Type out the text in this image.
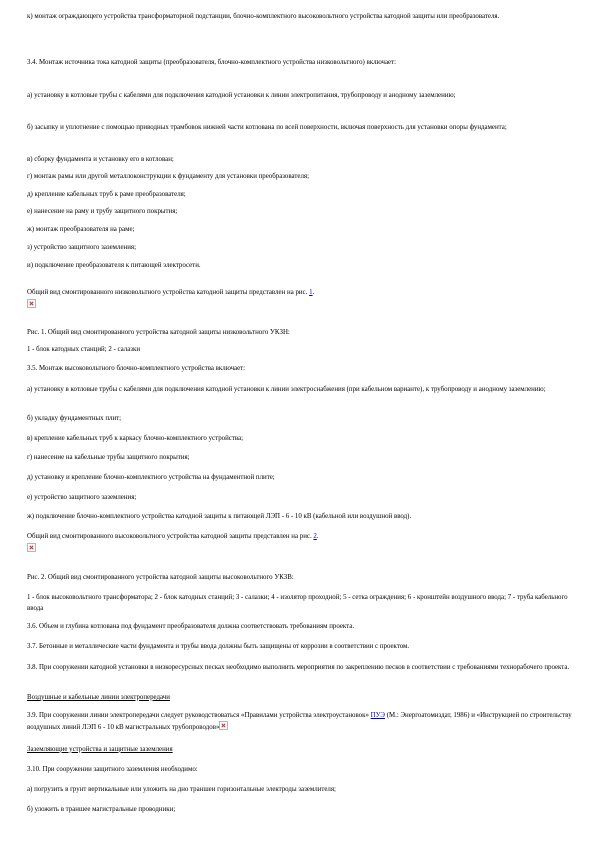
к) монтаж ограждающего устройства трансформаторной подстанции, блочно-комплектного высоковольтного устройства катодной защиты или преобразователя.

3.4. Монтаж источника тока катодной защиты (преобразователя, блочно-комплектного устройства низковольтного) включает:

а) установку в котловые трубы с кабелями для подключения катодной установки к линии электропитания, трубопроводу и анодному заземлению;

б) засыпку и уплотнение с помощью приводных трамбовок нижней части котлована по всей поверхности, включая поверхность для установки опоры фундамента;

в) сборку фундамента и установку его в котлован;

г) монтаж рамы или другой металлоконструкции к фундаменту для установки преобразователя;

д) крепление кабельных труб к раме преобразователя;

е) нанесение на раму и трубу защитного покрытия;

ж) монтаж преобразователя на раме;

з) устройство защитного заземления;

и) подключение преобразователя к питающей электросети.

Общий вид смонтированного низковольтного устройства катодной защиты представлен на рис. 1.

Рис. 1. Общий вид смонтированного устройства катодной защиты низковольтного УКЗН:

1 - блок катодных станций; 2 - салазки

3.5. Монтаж высоковольтного блочно-комплектного устройства включает:

а) установку в котловые трубы с кабелями для подключения катодной установки к линии электроснабжения (при кабельном варианте), к трубопроводу и анодному заземлению;

б) укладку фундаментных плит;

в) крепление кабельных труб к каркасу блочно-комплектного устройства;

г) нанесение на кабельные трубы защитного покрытия;

д) установку и крепление блочно-комплектного устройства на фундаментной плите;

е) устройство защитного заземления;

ж) подключение блочно-комплектного устройства катодной защиты к питающей ЛЭП - 6 - 10 кВ (кабельной или воздушной ввод).

Общий вид смонтированного высоковольтного устройства катодной защиты представлен на рис. 2.

Рис. 2. Общий вид смонтированного устройства катодной защиты высоковольтного УКЗВ:

1 - блок высоковольтного трансформатора; 2 - блок катодных станций; 3 - салазки; 4 - изолятор проходной; 5 - сетка ограждения; 6 - кронштейн воздушного ввода; 7 - труба кабельного ввода

3.6. Объем и глубина котлована под фундамент преобразователя должна соответствовать требованиям проекта.

3.7. Бетонные и металлические части фундамента и трубы ввода должны быть защищены от коррозии в соответствии с проектом.

3.8. При сооружении катодной установки в низкоресурсных песках необходимо выполнить мероприятия по закреплению песков в соответствии с требованиями технорабочего проекта.

Воздушные и кабельные линии электропередачи

3.9. При сооружении линии электропередачи следует руководствоваться «Правилами устройства электроустановок» ПУЭ (М.: Энергоатомиздат, 1986) и «Инструкцией по строительству воздушных линий ЛЭП 6 - 10 кВ магистральных трубопроводов»

Заземляющие устройства и защитные заземления

3.10. При сооружении защитного заземления необходимо:

а) погрузить в грунт вертикальные или уложить на дно траншеи горизонтальные электроды заземлителя;

б) уложить в траншее магистральные проводники;
